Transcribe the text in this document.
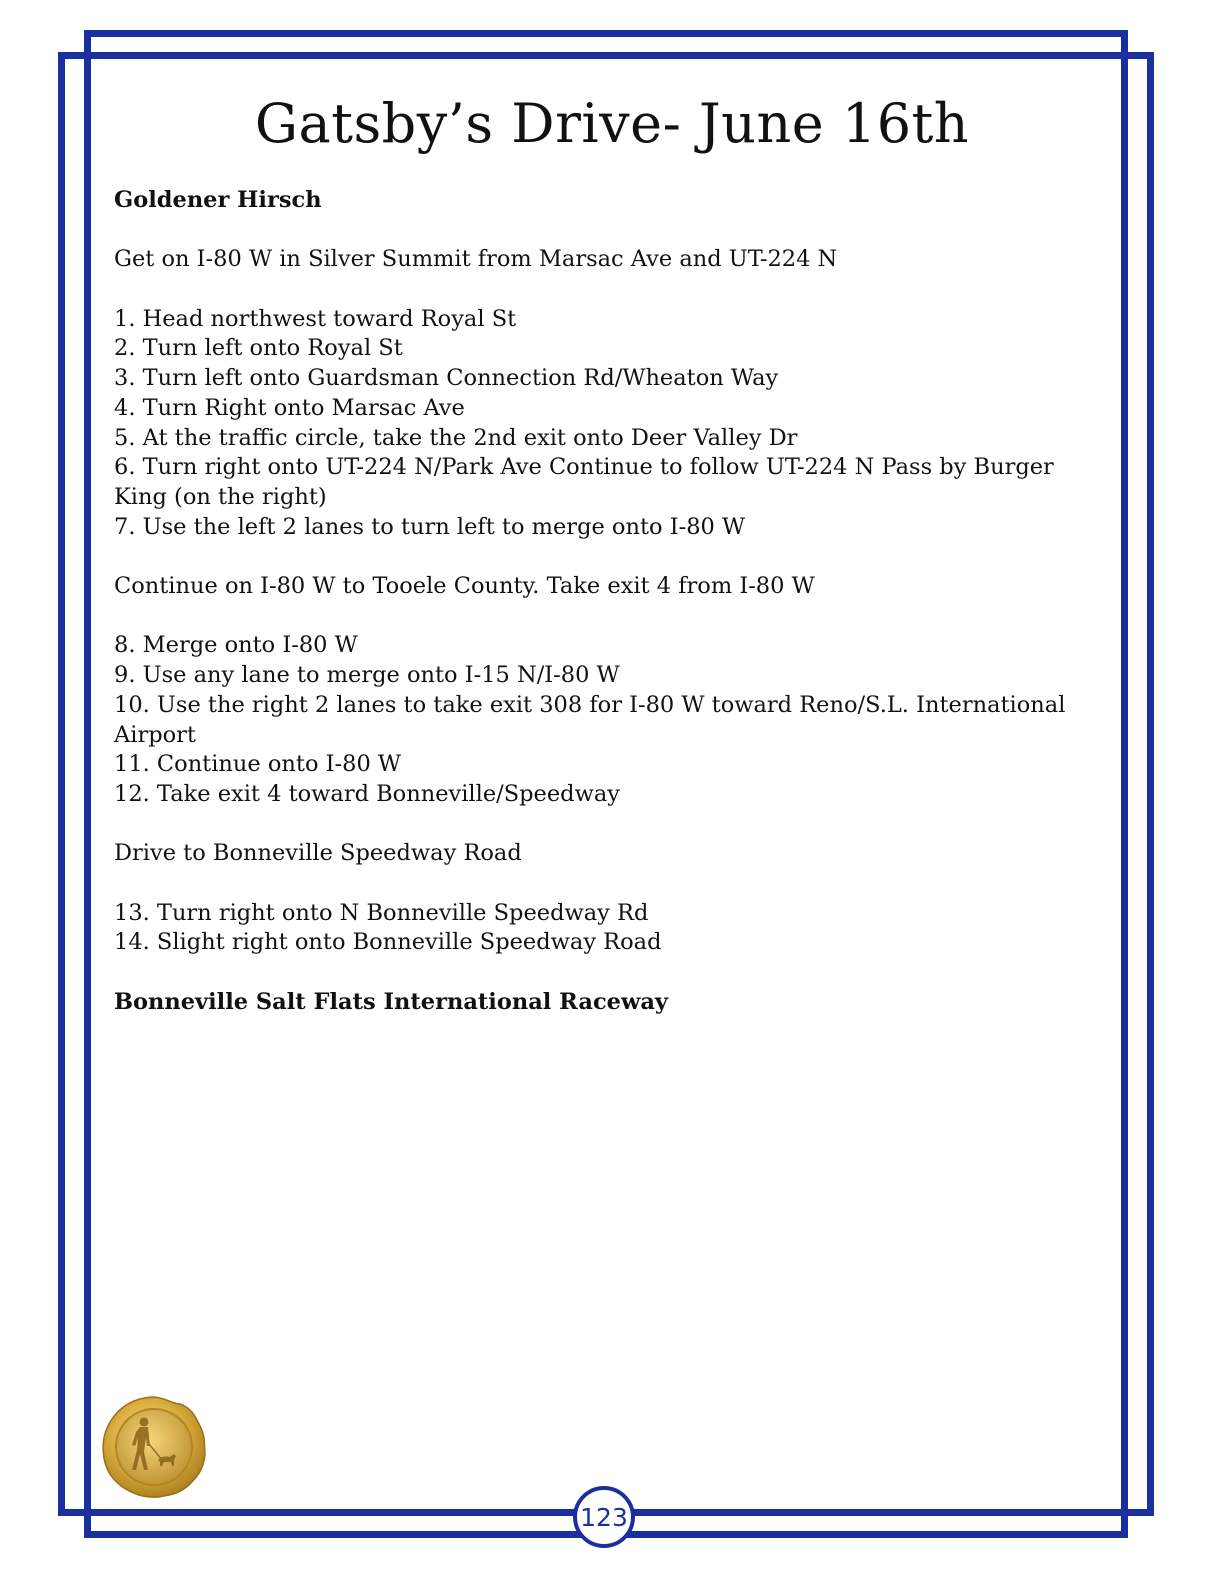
Gatsby’s Drive- June 16th
Goldener Hirsch
Get on I-80 W in Silver Summit from Marsac Ave and UT-224 N
1. Head northwest toward Royal St
2. Turn left onto Royal St
3. Turn left onto Guardsman Connection Rd/Wheaton Way
4. Turn Right onto Marsac Ave
5. At the traffic circle, take the 2nd exit onto Deer Valley Dr
6. Turn right onto UT-224 N/Park Ave Continue to follow UT-224 N Pass by Burger King (on the right)
7. Use the left 2 lanes to turn left to merge onto I-80 W
Continue on I-80 W to Tooele County. Take exit 4 from I-80 W
8. Merge onto I-80 W
9. Use any lane to merge onto I-15 N/I-80 W
10. Use the right 2 lanes to take exit 308 for I-80 W toward Reno/S.L. International Airport
11. Continue onto I-80 W
12. Take exit 4 toward Bonneville/Speedway
Drive to Bonneville Speedway Road
13. Turn right onto N Bonneville Speedway Rd
14. Slight right onto Bonneville Speedway Road
Bonneville Salt Flats International Raceway
123
